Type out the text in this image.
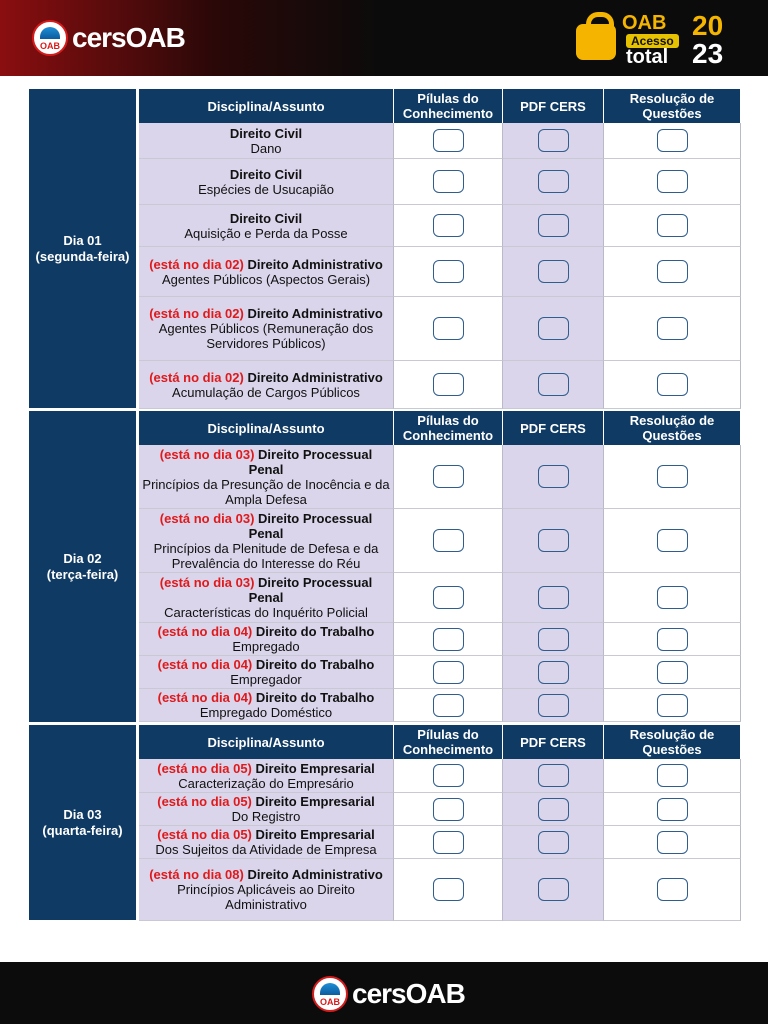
OAB cersOAB	OAB
Acesso
total
20
23
Dia 01
(segunda-feira)
Disciplina/Assunto	Pílulas do Conhecimento	PDF CERS	Resolução de Questões
Direito Civil
Dano
Direito Civil
Espécies de Usucapião
Direito Civil
Aquisição e Perda da Posse
(está no dia 02) Direito Administrativo
Agentes Públicos (Aspectos Gerais)
(está no dia 02) Direito Administrativo
Agentes Públicos (Remuneração dos Servidores Públicos)
(está no dia 02) Direito Administrativo
Acumulação de Cargos Públicos
Dia 02
(terça-feira)
Disciplina/Assunto	Pílulas do Conhecimento	PDF CERS	Resolução de Questões
(está no dia 03) Direito Processual Penal
Princípios da Presunção de Inocência e da Ampla Defesa
(está no dia 03) Direito Processual Penal
Princípios da Plenitude de Defesa e da Prevalência do Interesse do Réu
(está no dia 03) Direito Processual Penal
Características do Inquérito Policial
(está no dia 04) Direito do Trabalho
Empregado
(está no dia 04) Direito do Trabalho
Empregador
(está no dia 04) Direito do Trabalho
Empregado Doméstico
Dia 03
(quarta-feira)
Disciplina/Assunto	Pílulas do Conhecimento	PDF CERS	Resolução de Questões
(está no dia 05) Direito Empresarial
Caracterização do Empresário
(está no dia 05) Direito Empresarial
Do Registro
(está no dia 05) Direito Empresarial
Dos Sujeitos da Atividade de Empresa
(está no dia 08) Direito Administrativo
Princípios Aplicáveis ao Direito Administrativo
OAB cersOAB
